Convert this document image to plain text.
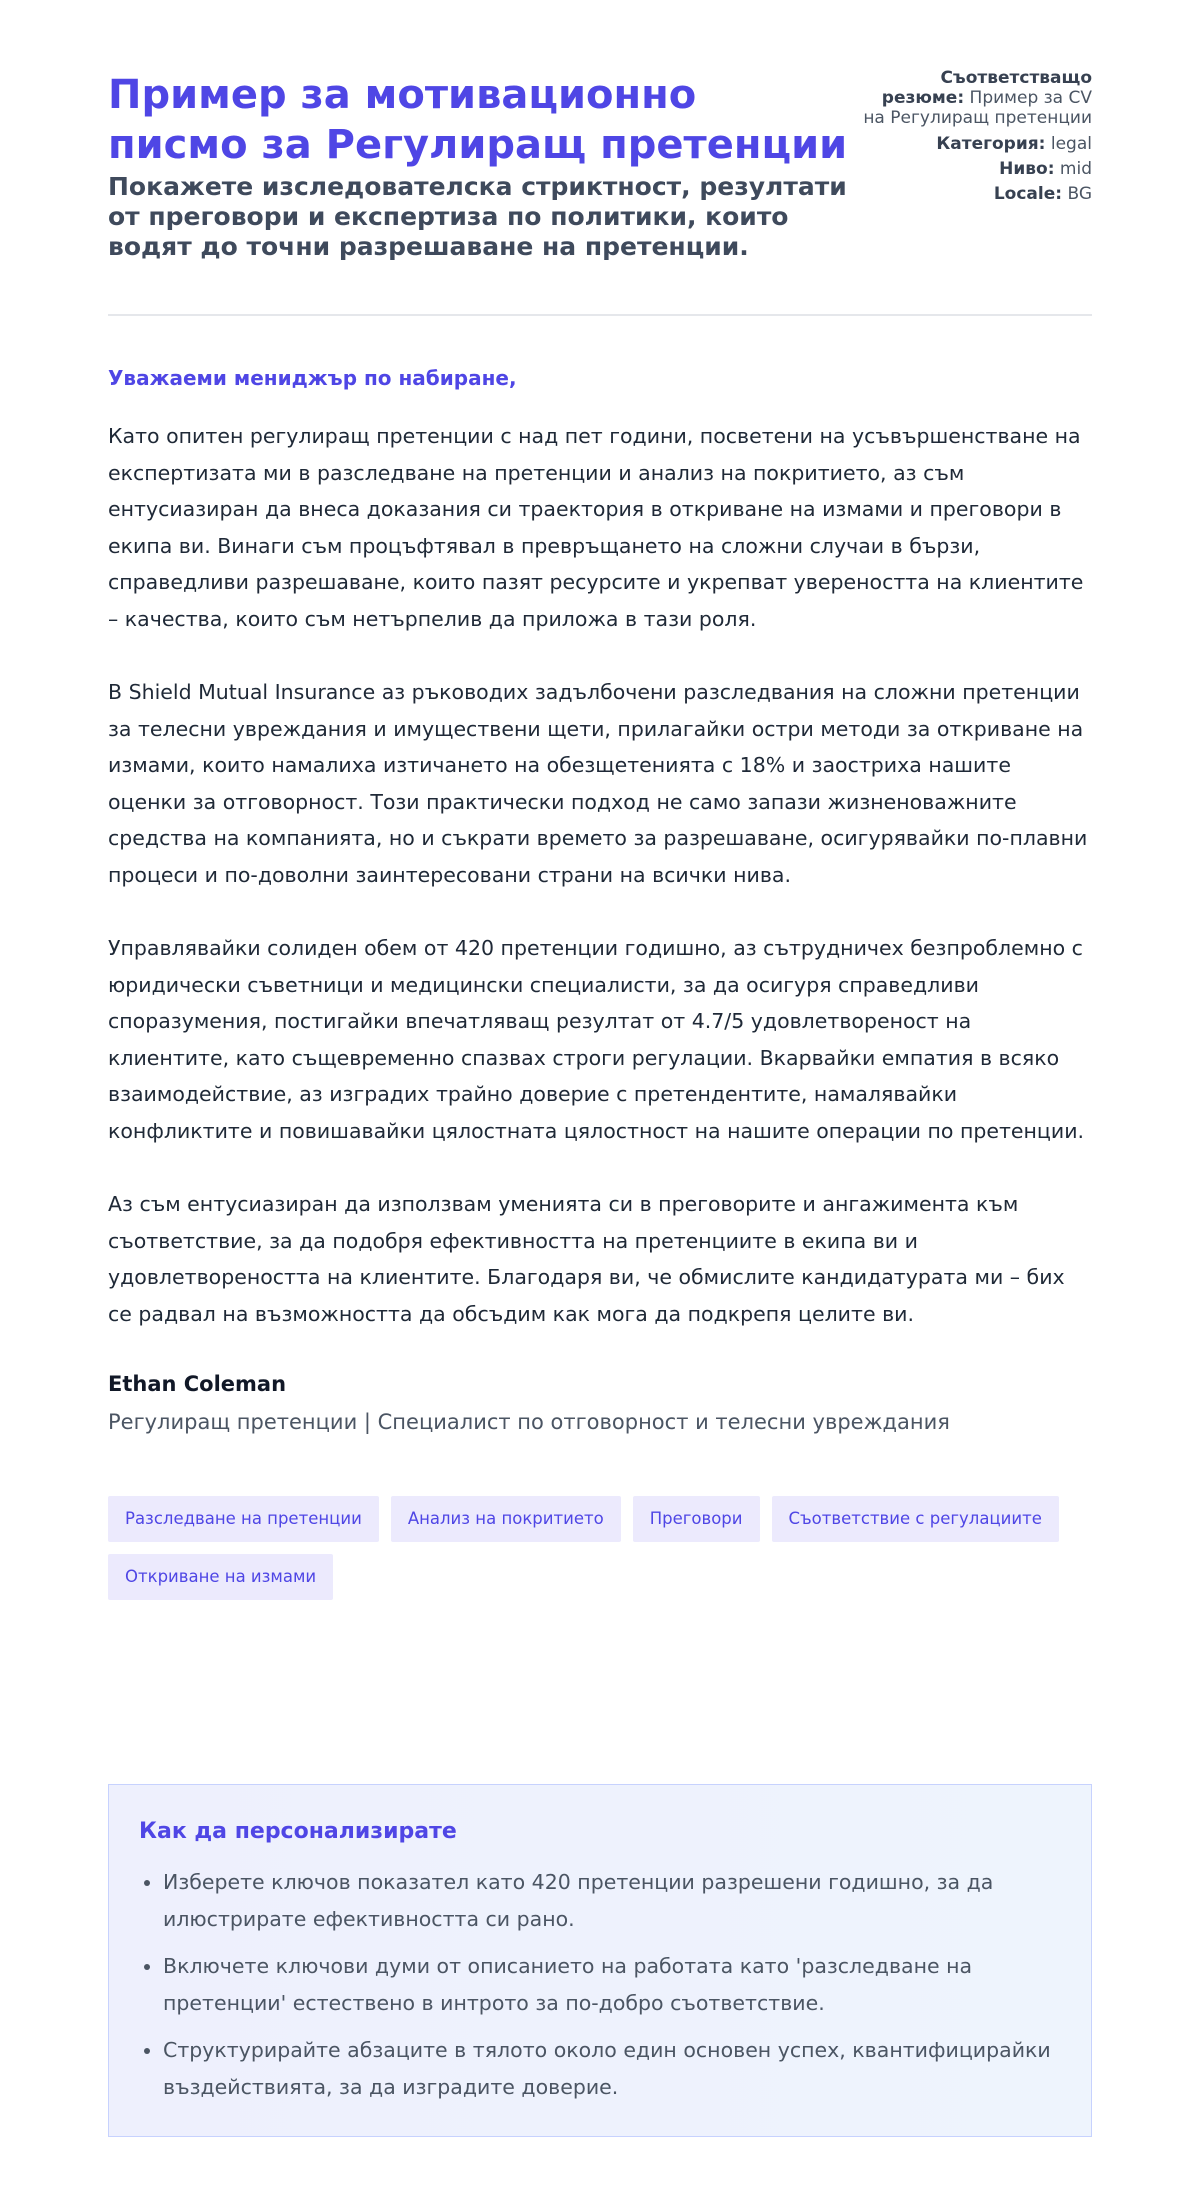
Пример за мотивационно писмо за Регулиращ претенции
Покажете изследователска стриктност, резултати от преговори и експертиза по политики, които водят до точни разрешаване на претенции.
Съответстващо резюме: Пример за CV на Регулиращ претенции
Категория: legal
Ниво: mid
Locale: BG
Уважаеми мениджър по набиране,

Като опитен регулиращ претенции с над пет години, посветени на усъвършенстване на експертизата ми в разследване на претенции и анализ на покритието, аз съм ентусиазиран да внеса доказания си траектория в откриване на измами и преговори в екипа ви. Винаги съм процъфтявал в превръщането на сложни случаи в бързи, справедливи разрешаване, които пазят ресурсите и укрепват увереността на клиентите – качества, които съм нетърпелив да приложа в тази роля.

В Shield Mutual Insurance аз ръководих задълбочени разследвания на сложни претенции за телесни увреждания и имуществени щети, прилагайки остри методи за откриване на измами, които намалиха изтичането на обезщетенията с 18% и заостриха нашите оценки за отговорност. Този практически подход не само запази жизненоважните средства на компанията, но и съкрати времето за разрешаване, осигурявайки по-плавни процеси и по-доволни заинтересовани страни на всички нива.

Управлявайки солиден обем от 420 претенции годишно, аз сътрудничех безпроблемно с юридически съветници и медицински специалисти, за да осигуря справедливи споразумения, постигайки впечатляващ резултат от 4.7/5 удовлетвореност на клиентите, като същевременно спазвах строги регулации. Вкарвайки емпатия в всяко взаимодействие, аз изградих трайно доверие с претендентите, намалявайки конфликтите и повишавайки цялостната цялостност на нашите операции по претенции.

Аз съм ентусиазиран да използвам уменията си в преговорите и ангажимента към съответствие, за да подобря ефективността на претенциите в екипа ви и удовлетвореността на клиентите. Благодаря ви, че обмислите кандидатурата ми – бих се радвал на възможността да обсъдим как мога да подкрепя целите ви.

Ethan Coleman
Регулиращ претенции | Специалист по отговорност и телесни увреждания
Разследване на претенции	Анализ на покритието	Преговори	Съответствие с регулациите
Откриване на измами
Как да персонализирате
• Изберете ключов показател като 420 претенции разрешени годишно, за да илюстрирате ефективността си рано.
• Включете ключови думи от описанието на работата като 'разследване на претенции' естествено в интрото за по-добро съответствие.
• Структурирайте абзаците в тялото около един основен успех, квантифицирайки въздействията, за да изградите доверие.
